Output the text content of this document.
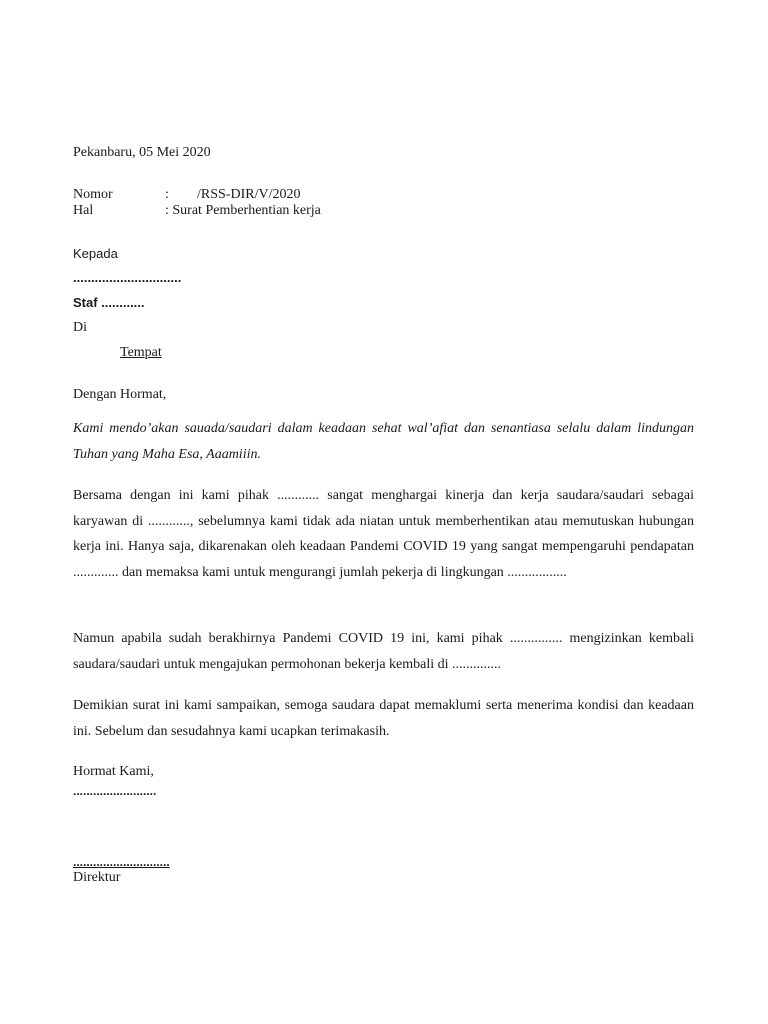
Pekanbaru, 05 Mei 2020
Nomor	: /RSS-DIR/V/2020
Hal	: Surat Pemberhentian kerja
Kepada
..............................
Staf ............
Di
Tempat
Dengan Hormat,

Kami mendo’akan sauada/saudari dalam keadaan sehat wal’afiat dan senantiasa selalu dalam lindungan Tuhan yang Maha Esa, Aaamiiin.

Bersama dengan ini kami pihak ............ sangat menghargai kinerja dan kerja saudara/saudari sebagai karyawan di ............, sebelumnya kami tidak ada niatan untuk memberhentikan atau memutuskan hubungan kerja ini. Hanya saja, dikarenakan oleh keadaan Pandemi COVID 19 yang sangat mempengaruhi pendapatan ............. dan memaksa kami untuk mengurangi jumlah pekerja di lingkungan .................

Namun apabila sudah berakhirnya Pandemi COVID 19 ini, kami pihak ............... mengizinkan kembali saudara/saudari untuk mengajukan permohonan bekerja kembali di ..............

Demikian surat ini kami sampaikan, semoga saudara dapat memaklumi serta menerima kondisi dan keadaan ini. Sebelum dan sesudahnya kami ucapkan terimakasih.

Hormat Kami,
.........................
.............................
Direktur
